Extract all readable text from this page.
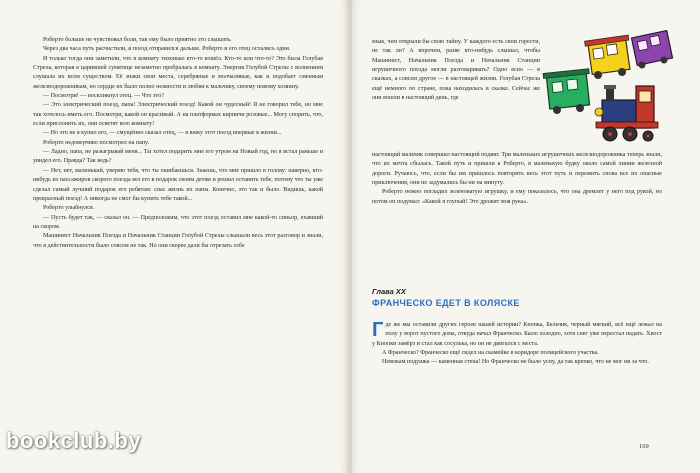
Роберто больше не чувствовал боли, так ему было приятно это слышать.

Через два часа путь расчистили, и поезд отправился дальше. Роберто и его отец остались одни.

И только тогда они заметили, что в комнату тихонько кто-то вошёл. Кто-то или что-то? Это была Голубая Стрела, которая в царившей сумятице незаметно пробралась в комнату. Энергия Голубой Стрелы с волнением слушала их всем существом. Её знаки свои места, серебряные и молчаливые, как и подобает сменным железнодорожникам, но сердце их было полно нежности и любви к мальчику, своему новому хозяину.

— Посмотри! — воскликнул отец. — Что это?

— Это электрический поезд, папа! Электрический поезд! Какой он чудесный! Я не говорил тебе, но мне так хотелось иметь его. Посмотри, какой он красивый. А на платформах кирпичи розовые... Могу спорить, что, если прислонить их, они осветят всю комнату!

— Но это не я купил его, — смущённо сказал отец, — я вижу этот поезд впервые в жизни...

Роберто недоверчиво посмотрел на папу.

— Ладно, папа, не разыгрывай меня... Ты хотел подарить мне его утром на Новый год, но я встал раньше и увидел его. Правда? Так ведь?

— Нет, нет, маленький, уверяю тебя, что ты ошибаешься. Знаешь, что мне пришло в голову: наверно, кто-нибудь из пассажиров скорого поезда вез его в подарок своим детям и решил оставить тебе, потому что ты уже сделал самый лучший подарок его ребятам: спас жизнь их папы. Конечно, это так и было. Видишь, какой прекрасный поезд! А никогда не смог бы купить тебе такой...

Роберто улыбнулся.

— Пусть будет так, — сказал он. — Предположим, что этот поезд оставил мне какой-то синьор, ехавший на скором.

Машинист Начальник Поезда и Начальник Станции Голубой Стрелы слышали весь этот разговор и знали, что в действительности было совсем не так. Но они скорее дали бы отрезать себе

язык, чем открыли бы свою тайну. У каждого есть свои горести, не так ли? А впрочем, разве кто-нибудь слышал, чтобы Машинист, Начальник Поезда и Начальник Станции игрушечного поезда могли разговаривать? Одно ясно — в сказках, а совсем другое — в настоящей жизни. Голубая Стрела ещё немного по стране, пока находилась в сказке. Сейчас же они вошли в настоящий день, где

настоящий мальчик совершил настоящий подвиг. Три маленьких игрушечных железнодорожника теперь знали, что их мечта сбылась. Такой путь и пришли к Роберто, в маленькую будку около самой линии железной дороги. Ручаюсь, что, если бы им пришлось повторить весь этот путь и пережить снова все их опасные приключения, они не задумались бы ни на минуту.

Роберто нежно погладил зеленоватую игрушку, и ему показалось, что она дремлет у него под рукой, но потом он подумал: «Какой я глупый! Это дрожит моя рука».

Глава XX
ФРАНЧЕСКО ЕДЕТ В КОЛЯСКЕ

Где же мы оставили других героев нашей истории? Кнопка, Бельчик, черный мягкий, всё ещё лежал на полу у ворот пустого дома, откуда начал Франческо. Было холодно, хотя снег уже перестал падать. Хвост у Кнопки замёрз и стал как сосулька, но он не двигался с места.

А Франческо? Франческо ещё сидел на скамейке в коридоре полицейского участка.

Невежам подушка — каменная стена! Но Франческо не было усну, да так крепко, что не мог ни за что.

169
bookclub.by
